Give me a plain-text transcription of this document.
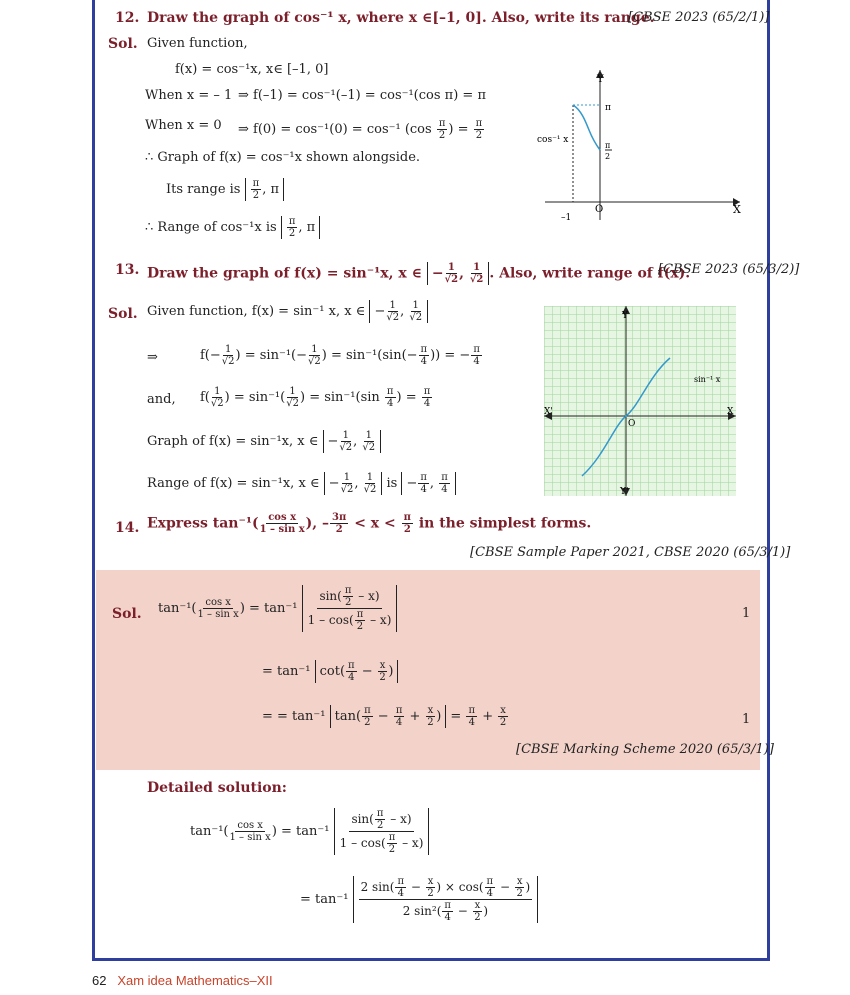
12. Draw the graph of cos⁻¹ x, where x ∈[–1, 0]. Also, write its range.
[CBSE 2023 (65/2/1)]
Sol. Given function,
f(x) = cos⁻¹x, x∈ [–1, 0]
When x = – 1 ⇒ f(–1) = cos⁻¹(–1) = cos⁻¹(cos π) = π
When x = 0 ⇒ f(0) = cos⁻¹(0) = cos⁻¹ ($\cos \frac{\pi}{2}$ ) = $\frac{\pi}{2}$
∴ Graph of f(x) = cos⁻¹x shown alongside.
Its range is $\frac{\pi}{2}$ , π
∴ Range of cos⁻¹x is $\frac{\pi}{2}$ , π
Y
X
cos⁻¹ x
O
–1
π
π
2
13. Draw the graph of f(x) = sin⁻¹x, x ∈ − $\frac{1}{√2}$ , $\frac{1}{√2}$ . Also, write range of f(x).
[CBSE 2023 (65/3/2)]
Sol. Given function, f(x) = sin⁻¹ x, x ∈ − $\frac{1}{√2}$ , $\frac{1}{√2}$
⇒	$f(- \frac{1}{√2}$ ) = $\sin^{-1}(- \frac{1}{√2}$ ) = $\sin^{-1}(\sin(- \frac{\pi}{4}$ )) = − $\frac{\pi}{4}$
and, $f( \frac{1}{√2}$ ) = $\sin^{-1}( \frac{1}{√2}$ ) = $\sin^{-1}(\sin \frac{\pi}{4}$ ) = $\frac{\pi}{4}$
Graph of f(x) = sin⁻¹x, x ∈ − $\frac{1}{√2}$ , $\frac{1}{√2}$
Range of f(x) = sin⁻¹x, x ∈ − $\frac{1}{√2}$ , $\frac{1}{√2}$ is − $\frac{\pi}{4}$ , $\frac{\pi}{4}$
Y
Y'
X'	X
sin⁻¹ x
O
14. Express $\tan^{-1}( \frac{\text{cos x}}{\text{1 – sin x}}$ ), – $\frac{3\pi}{2} < x < \frac{\pi}{2}$ in the simplest forms.
[CBSE Sample Paper 2021, CBSE 2020 (65/3/1)]
Sol. $\tan^{-1}( \frac{\text{cos x}}{\text{1 – sin x}}$ ) = $\tan^{-1} \frac{\sin( \frac{\pi}{2} - x)}{1 - \cos( \frac{\pi}{2} - x)}$	1
= tan⁻¹ $\cot( \frac{\pi}{4} - \frac{x}{2}$ )
= = tan⁻¹ $\tan( \frac{\pi}{2} - \frac{\pi}{4} + \frac{x}{2}$ ) = $\frac{\pi}{4} + \frac{x}{2}$	1
[CBSE Marking Scheme 2020 (65/3/1)]
Detailed solution:
$\tan^{-1}( \frac{\text{cos x}}{\text{1 – sin x}}$ ) = $\tan^{-1} \frac{\sin( \frac{\pi}{2} - x)}{1 - \cos( \frac{\pi}{2} - x)}$
= $\tan^{-1} \frac{2 \sin( \frac{\pi}{4} - \frac{x}{2} ) \times \cos( \frac{\pi}{4} - \frac{x}{2} )}{2 \sin^2( \frac{\pi}{4} - \frac{x}{2} )}$
62 Xam idea Mathematics–XII
